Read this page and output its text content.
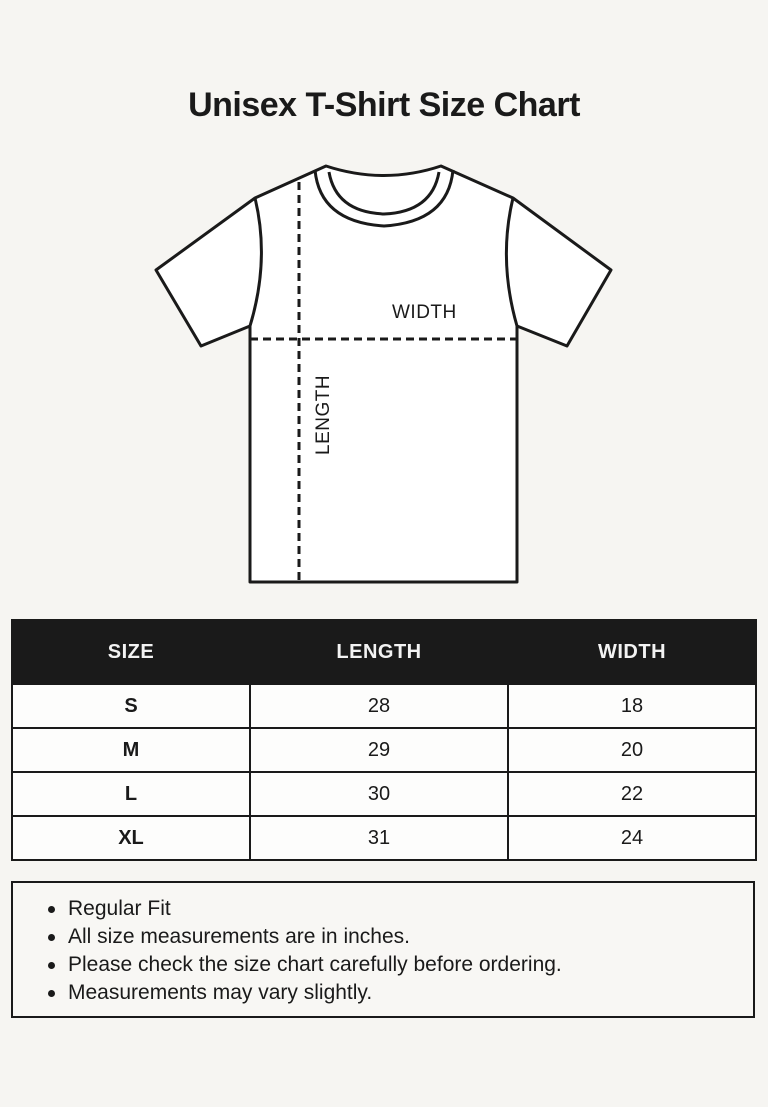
Unisex T-Shirt Size Chart
WIDTH
LENGTH
SIZE	LENGTH	WIDTH
S	28	18
M	29	20
L	30	22
XL	31	24
Regular Fit
All size measurements are in inches.
Please check the size chart carefully before ordering.
Measurements may vary slightly.
